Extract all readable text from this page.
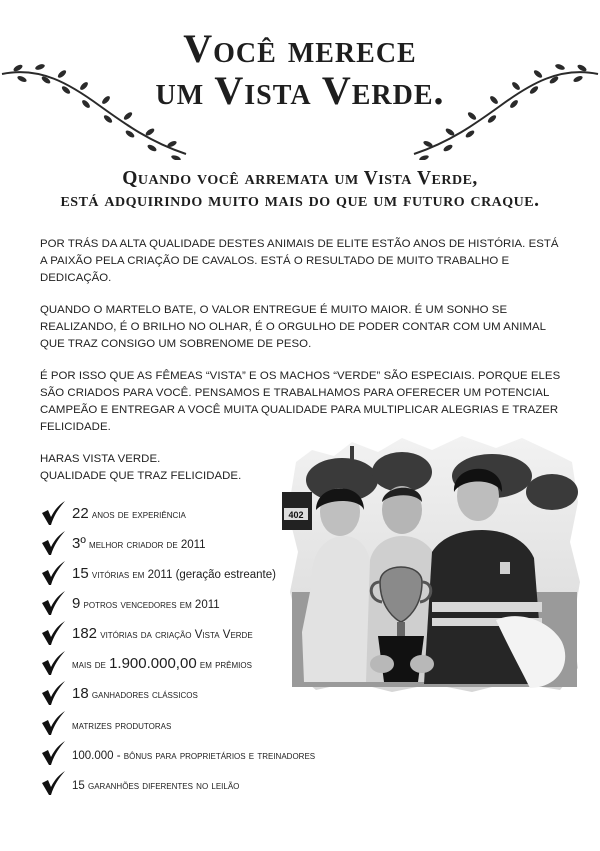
Você merece
um Vista Verde.
Quando você arremata um Vista Verde,
está adquirindo muito mais do que um futuro craque.

POR TRÁS DA ALTA QUALIDADE DESTES ANIMAIS DE ELITE ESTÃO ANOS DE HISTÓRIA. ESTÁ A PAIXÃO PELA CRIAÇÃO DE CAVALOS. ESTÁ O RESULTADO DE MUITO TRABALHO E DEDICAÇÃO.

QUANDO O MARTELO BATE, O VALOR ENTREGUE É MUITO MAIOR. É UM SONHO SE REALIZANDO, É O BRILHO NO OLHAR, É O ORGULHO DE PODER CONTAR COM UM ANIMAL QUE TRAZ CONSIGO UM SOBRENOME DE PESO.

É POR ISSO QUE AS FÊMEAS “VISTA” E OS MACHOS “VERDE” SÃO ESPECIAIS. PORQUE ELES SÃO CRIADOS PARA VOCÊ. PENSAMOS E TRABALHAMOS PARA OFERECER UM POTENCIAL CAMPEÃO E ENTREGAR A VOCÊ MUITA QUALIDADE PARA MULTIPLICAR ALEGRIAS E TRAZER FELICIDADE.

HARAS VISTA VERDE.
QUALIDADE QUE TRAZ FELICIDADE.

402
22 anos de experiência
3º melhor criador de 2011
15 vitórias em 2011 (geração estreante)
9 potros vencedores em 2011
182 vitórias da criação Vista Verde
mais de 1.900.000,00 em prêmios
18 ganhadores clássicos
matrizes produtoras
100.000 - bônus para proprietários e treinadores
15 garanhões diferentes no leilão
